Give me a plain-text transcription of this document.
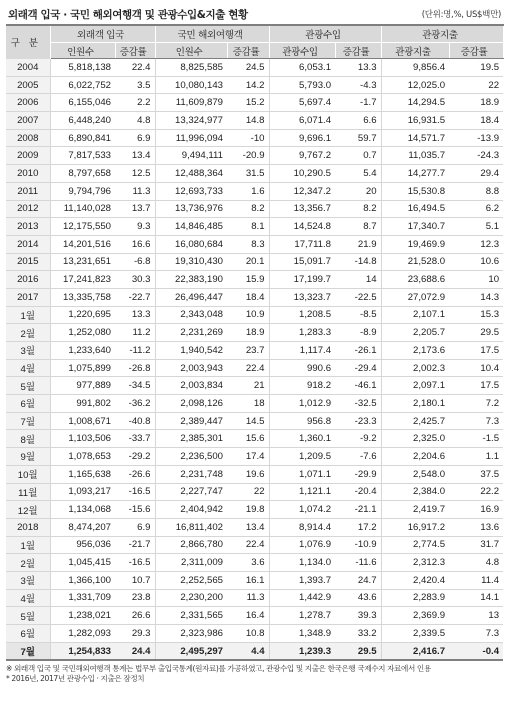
외래객 입국 · 국민 해외여행객 및 관광수입&지출 현황	(단위:명,%, US$백만)
구 분	외래객 입국		국민 해외여행객		관광수입		관광지출	
	인원수	증감률	인원수	증감률	관광수입	증감률	관광지출	증감률
2004	5,818,138	22.4	8,825,585	24.5	6,053.1	13.3	9,856.4	19.5
2005	6,022,752	3.5	10,080,143	14.2	5,793.0	-4.3	12,025.0	22
2006	6,155,046	2.2	11,609,879	15.2	5,697.4	-1.7	14,294.5	18.9
2007	6,448,240	4.8	13,324,977	14.8	6,071.4	6.6	16,931.5	18.4
2008	6,890,841	6.9	11,996,094	-10	9,696.1	59.7	14,571.7	-13.9
2009	7,817,533	13.4	9,494,111	-20.9	9,767.2	0.7	11,035.7	-24.3
2010	8,797,658	12.5	12,488,364	31.5	10,290.5	5.4	14,277.7	29.4
2011	9,794,796	11.3	12,693,733	1.6	12,347.2	20	15,530.8	8.8
2012	11,140,028	13.7	13,736,976	8.2	13,356.7	8.2	16,494.5	6.2
2013	12,175,550	9.3	14,846,485	8.1	14,524.8	8.7	17,340.7	5.1
2014	14,201,516	16.6	16,080,684	8.3	17,711.8	21.9	19,469.9	12.3
2015	13,231,651	-6.8	19,310,430	20.1	15,091.7	-14.8	21,528.0	10.6
2016	17,241,823	30.3	22,383,190	15.9	17,199.7	14	23,688.6	10
2017	13,335,758	-22.7	26,496,447	18.4	13,323.7	-22.5	27,072.9	14.3
1월	1,220,695	13.3	2,343,048	10.9	1,208.5	-8.5	2,107.1	15.3
2월	1,252,080	11.2	2,231,269	18.9	1,283.3	-8.9	2,205.7	29.5
3월	1,233,640	-11.2	1,940,542	23.7	1,117.4	-26.1	2,173.6	17.5
4월	1,075,899	-26.8	2,003,943	22.4	990.6	-29.4	2,002.3	10.4
5월	977,889	-34.5	2,003,834	21	918.2	-46.1	2,097.1	17.5
6월	991,802	-36.2	2,098,126	18	1,012.9	-32.5	2,180.1	7.2
7월	1,008,671	-40.8	2,389,447	14.5	956.8	-23.3	2,425.7	7.3
8월	1,103,506	-33.7	2,385,301	15.6	1,360.1	-9.2	2,325.0	-1.5
9월	1,078,653	-29.2	2,236,500	17.4	1,209.5	-7.6	2,204.6	1.1
10월	1,165,638	-26.6	2,231,748	19.6	1,071.1	-29.9	2,548.0	37.5
11월	1,093,217	-16.5	2,227,747	22	1,121.1	-20.4	2,384.0	22.2
12월	1,134,068	-15.6	2,404,942	19.8	1,074.2	-21.1	2,419.7	16.9
2018	8,474,207	6.9	16,811,402	13.4	8,914.4	17.2	16,917.2	13.6
1월	956,036	-21.7	2,866,780	22.4	1,076.9	-10.9	2,774.5	31.7
2월	1,045,415	-16.5	2,311,009	3.6	1,134.0	-11.6	2,312.3	4.8
3월	1,366,100	10.7	2,252,565	16.1	1,393.7	24.7	2,420.4	11.4
4월	1,331,709	23.8	2,230,200	11.3	1,442.9	43.6	2,283.9	14.1
5월	1,238,021	26.6	2,331,565	16.4	1,278.7	39.3	2,369.9	13
6월	1,282,093	29.3	2,323,986	10.8	1,348.9	33.2	2,339.5	7.3
7월	1,254,833	24.4	2,495,297	4.4	1,239.3	29.5	2,416.7	-0.4
※ 외래객 입국 및 국민해외여행객 통계는 법무부 출입국통계(원자료)를 가공하였고, 관광수입 및 지출은 한국은행 국제수지 자료에서 인용
* 2016년, 2017년 관광수입 · 지출은 잠정치
